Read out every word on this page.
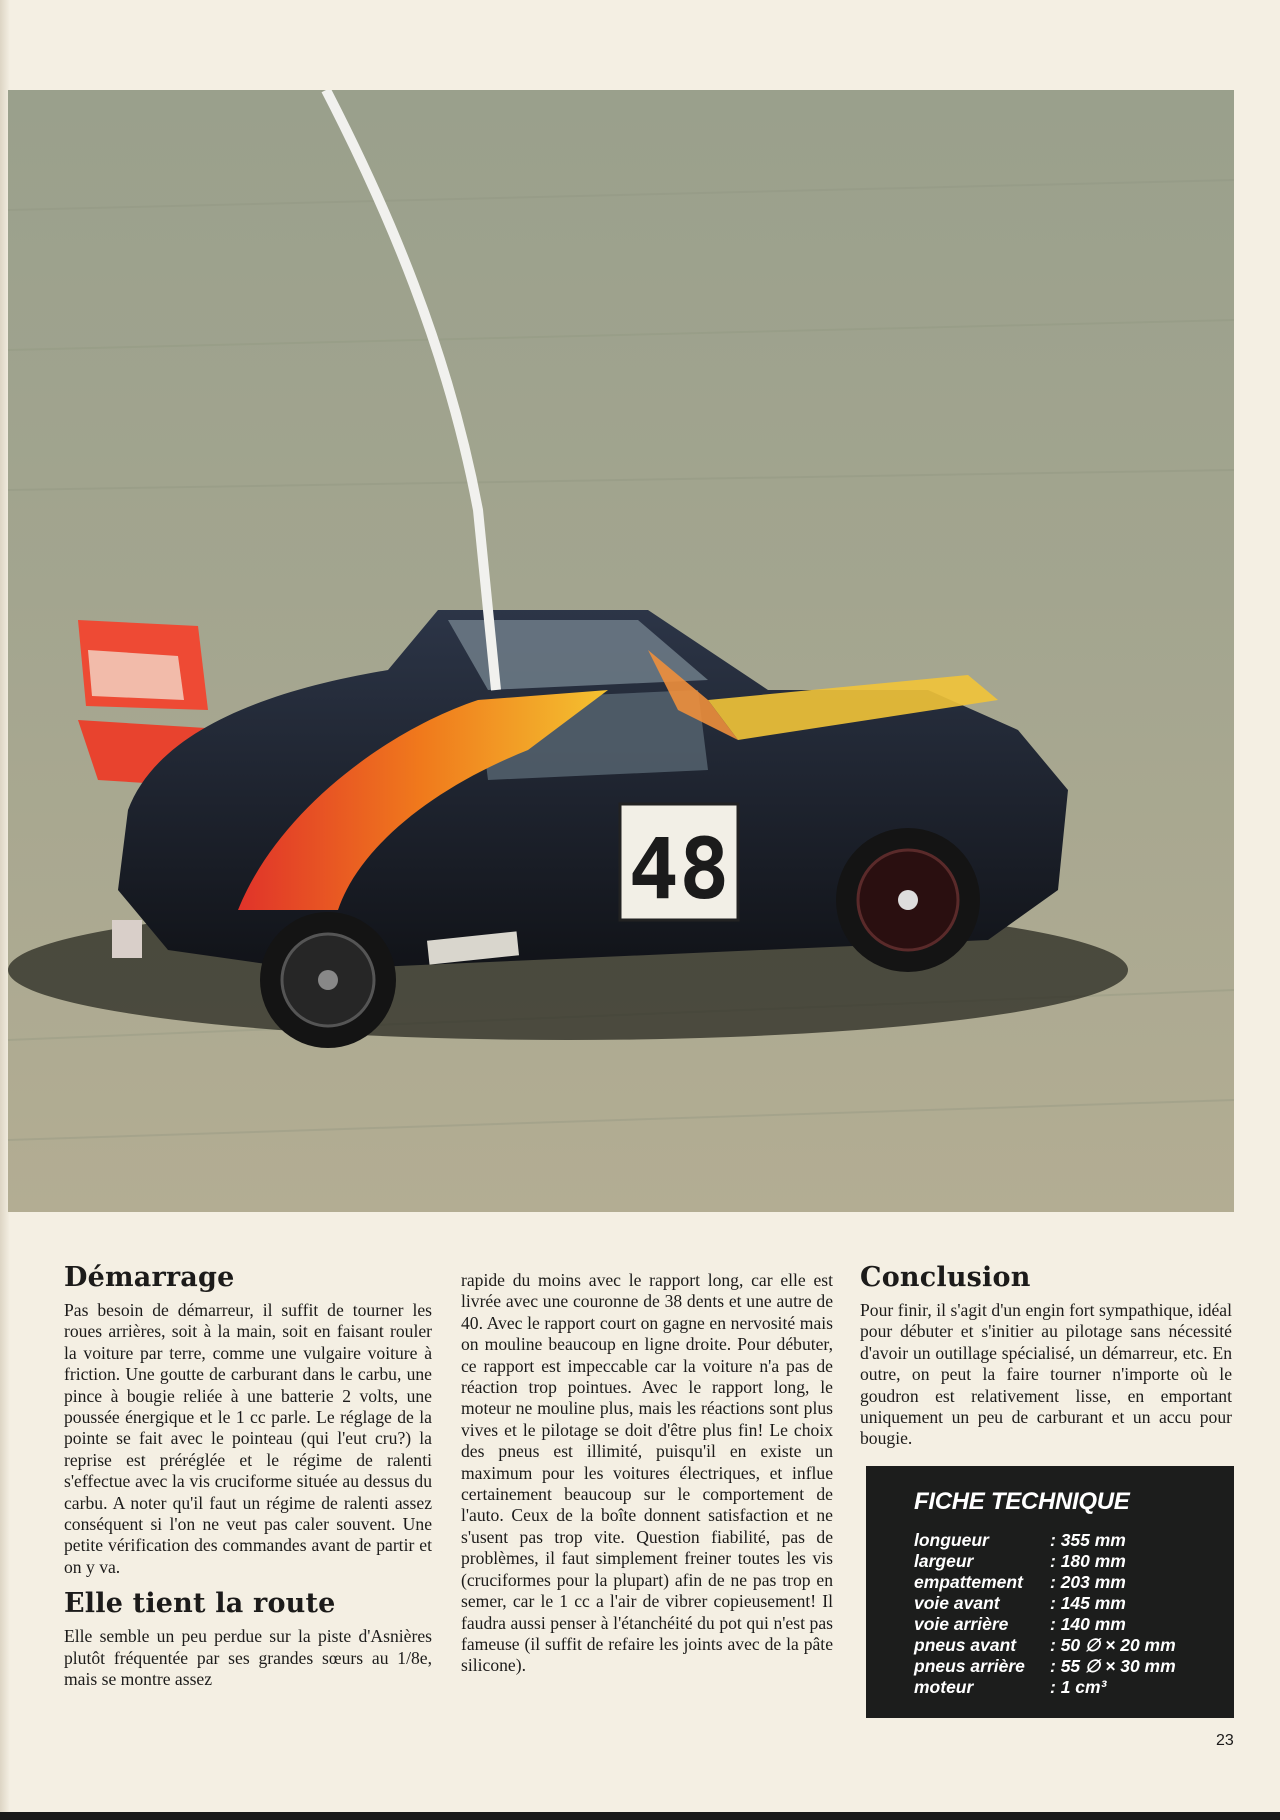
48
Démarrage

Pas besoin de démarreur, il suffit de tourner les roues arrières, soit à la main, soit en faisant rouler la voiture par terre, comme une vulgaire voiture à friction. Une goutte de carburant dans le carbu, une pince à bougie reliée à une batterie 2 volts, une poussée énergique et le 1 cc parle. Le réglage de la pointe se fait avec le pointeau (qui l'eut cru?) la reprise est préréglée et le régime de ralenti s'effectue avec la vis cruciforme située au dessus du carbu. A noter qu'il faut un régime de ralenti assez conséquent si l'on ne veut pas caler souvent. Une petite vérification des commandes avant de partir et on y va.

Elle tient la route

Elle semble un peu perdue sur la piste d'Asnières plutôt fréquentée par ses grandes sœurs au 1/8e, mais se montre assez

rapide du moins avec le rapport long, car elle est livrée avec une couronne de 38 dents et une autre de 40. Avec le rapport court on gagne en nervosité mais on mouline beaucoup en ligne droite. Pour débuter, ce rapport est impeccable car la voiture n'a pas de réaction trop pointues. Avec le rapport long, le moteur ne mouline plus, mais les réactions sont plus vives et le pilotage se doit d'être plus fin! Le choix des pneus est illimité, puisqu'il en existe un maximum pour les voitures électriques, et influe certainement beaucoup sur le comportement de l'auto. Ceux de la boîte donnent satisfaction et ne s'usent pas trop vite. Question fiabilité, pas de problèmes, il faut simplement freiner toutes les vis (cruciformes pour la plupart) afin de ne pas trop en semer, car le 1 cc a l'air de vibrer copieusement! Il faudra aussi penser à l'étanchéité du pot qui n'est pas fameuse (il suffit de refaire les joints avec de la pâte silicone).

Conclusion

Pour finir, il s'agit d'un engin fort sympathique, idéal pour débuter et s'initier au pilotage sans nécessité d'avoir un outillage spécialisé, un démarreur, etc. En outre, on peut la faire tourner n'importe où le goudron est relativement lisse, en emportant uniquement un peu de carburant et un accu pour bougie.

FICHE TECHNIQUE
longueur	: 355 mm
largeur	: 180 mm
empattement	: 203 mm
voie avant	: 145 mm
voie arrière	: 140 mm
pneus avant	: 50 ∅ × 20 mm
pneus arrière	: 55 ∅ × 30 mm
moteur	: 1 cm³
23
